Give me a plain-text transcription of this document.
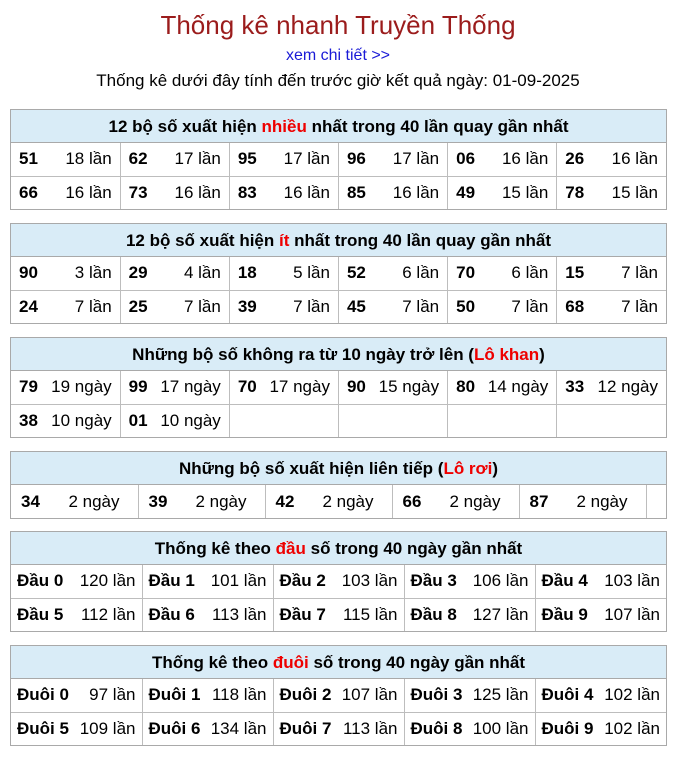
Thống kê nhanh Truyền Thống
xem chi tiết >>
Thống kê dưới đây tính đến trước giờ kết quả ngày: 01-09-2025
12 bộ số xuất hiện nhiều nhất trong 40 lần quay gần nhất
51 18 lần	62 17 lần	95 17 lần	96 17 lần	06 16 lần	26 16 lần

66 16 lần	73 16 lần	83 16 lần	85 16 lần	49 15 lần	78 15 lần
12 bộ số xuất hiện ít nhất trong 40 lần quay gần nhất
90 3 lần	29 4 lần	18 5 lần	52 6 lần	70 6 lần	15 7 lần

24 7 lần	25 7 lần	39 7 lần	45 7 lần	50 7 lần	68 7 lần
Những bộ số không ra từ 10 ngày trở lên (Lô khan)
79 19 ngày	99 17 ngày	70 17 ngày	90 15 ngày	80 14 ngày	33 12 ngày

38 10 ngày	01 10 ngày				

Những bộ số xuất hiện liên tiếp (Lô rơi)
34 2 ngày	39 2 ngày	42 2 ngày	66 2 ngày	87 2 ngày

Thống kê theo đầu số trong 40 ngày gần nhất
Đầu 0 120 lần	Đầu 1 101 lần	Đầu 2 103 lần	Đầu 3 106 lần	Đầu 4 103 lần

Đầu 5 112 lần	Đầu 6 113 lần	Đầu 7 115 lần	Đầu 8 127 lần	Đầu 9 107 lần
Thống kê theo đuôi số trong 40 ngày gần nhất
Đuôi 0 97 lần	Đuôi 1 118 lần	Đuôi 2 107 lần	Đuôi 3 125 lần	Đuôi 4 102 lần

Đuôi 5 109 lần	Đuôi 6 134 lần	Đuôi 7 113 lần	Đuôi 8 100 lần	Đuôi 9 102 lần
